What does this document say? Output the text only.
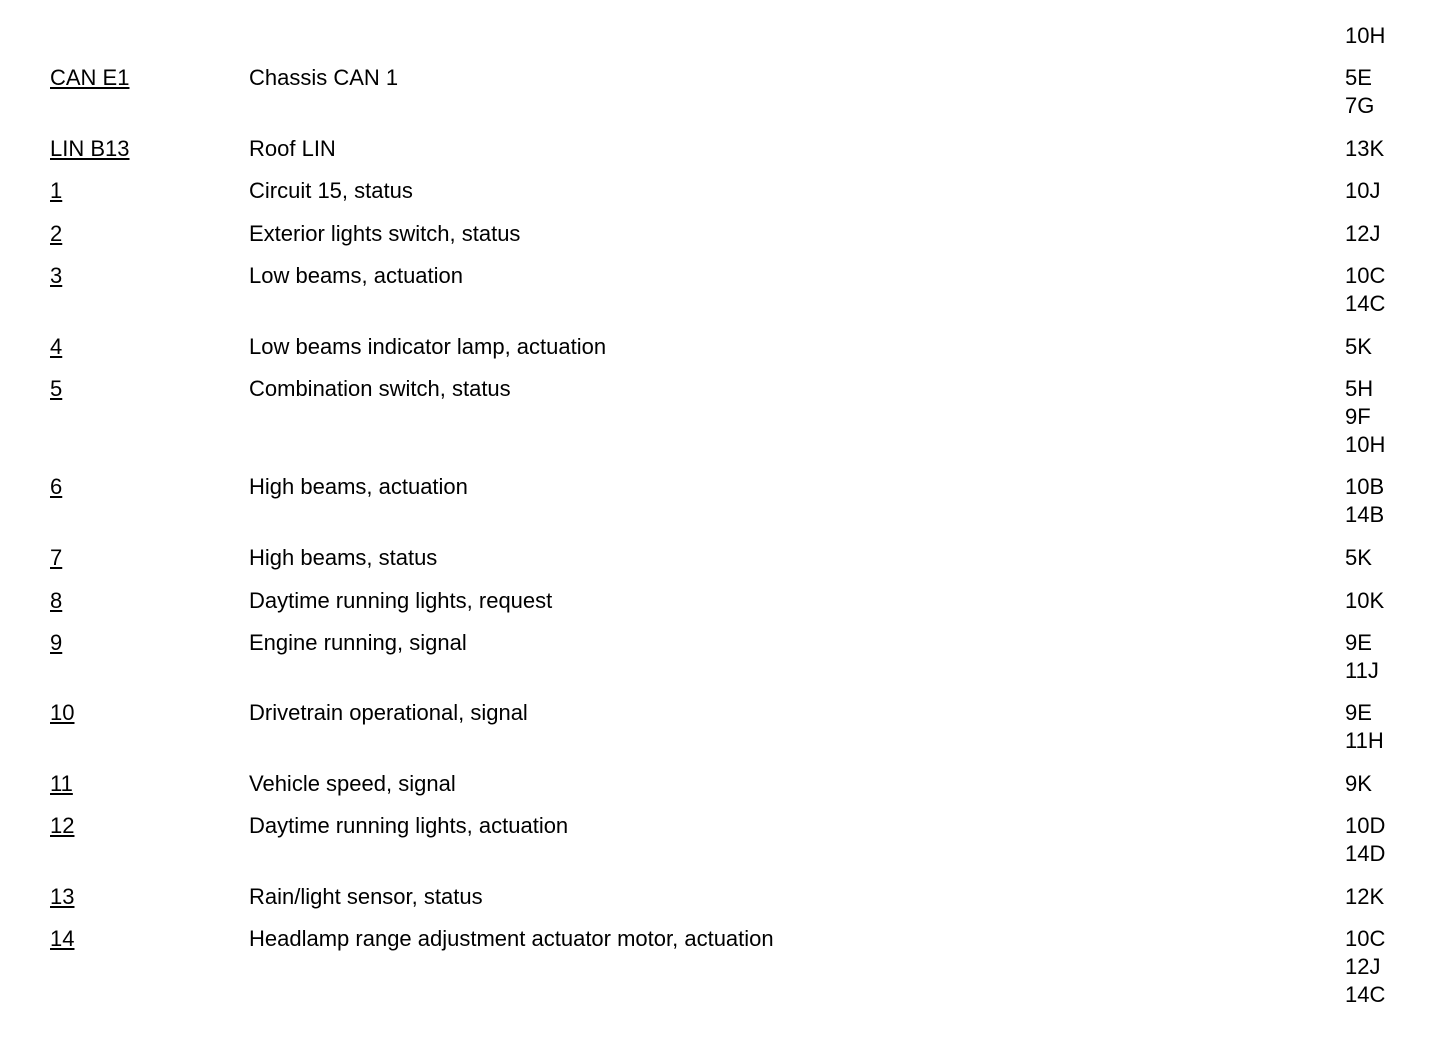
10H
CAN E1	Chassis CAN 1	5E
7G
LIN B13	Roof LIN	13K
1	Circuit 15, status	10J
2	Exterior lights switch, status	12J
3	Low beams, actuation	10C
14C
4	Low beams indicator lamp, actuation	5K
5	Combination switch, status	5H
9F
10H
6	High beams, actuation	10B
14B
7	High beams, status	5K
8	Daytime running lights, request	10K
9	Engine running, signal	9E
11J
10	Drivetrain operational, signal	9E
11H
11	Vehicle speed, signal	9K
12	Daytime running lights, actuation	10D
14D
13	Rain/light sensor, status	12K
14	Headlamp range adjustment actuator motor, actuation	10C
12J
14C
